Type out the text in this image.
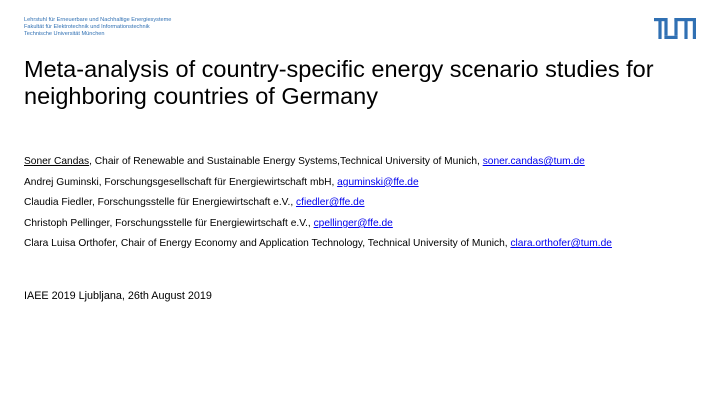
Lehrstuhl für Erneuerbare und Nachhaltige Energiesysteme
Fakultät für Elektrotechnik und Informationstechnik
Technische Universität München
Meta-analysis of country-specific energy scenario studies for
neighboring countries of Germany
Soner Candas, Chair of Renewable and Sustainable Energy Systems,Technical University of Munich, soner.candas@tum.de
Andrej Guminski, Forschungsgesellschaft für Energiewirtschaft mbH, aguminski@ffe.de
Claudia Fiedler, Forschungsstelle für Energiewirtschaft e.V., cfiedler@ffe.de
Christoph Pellinger, Forschungsstelle für Energiewirtschaft e.V., cpellinger@ffe.de
Clara Luisa Orthofer, Chair of Energy Economy and Application Technology, Technical University of Munich, clara.orthofer@tum.de
IAEE 2019 Ljubljana, 26th August 2019
